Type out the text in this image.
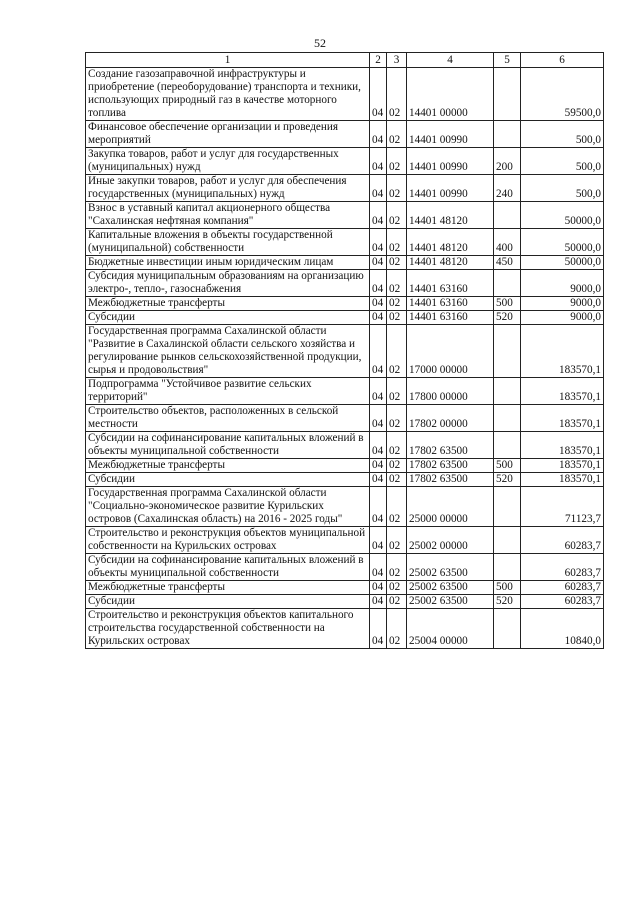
52
1	2	3	4	5	6
Создание газозаправочной инфраструктуры и приобретение (переоборудование) транспорта и техники, использующих природный газ в качестве моторного топлива	04	02	14401 00000		59500,0
Финансовое обеспечение организации и проведения мероприятий	04	02	14401 00990		500,0
Закупка товаров, работ и услуг для государственных (муниципальных) нужд	04	02	14401 00990	200	500,0
Иные закупки товаров, работ и услуг для обеспечения государственных (муниципальных) нужд	04	02	14401 00990	240	500,0
Взнос в уставный капитал акционерного общества "Сахалинская нефтяная компания"	04	02	14401 48120		50000,0
Капитальные вложения в объекты государственной (муниципальной) собственности	04	02	14401 48120	400	50000,0
Бюджетные инвестиции иным юридическим лицам	04	02	14401 48120	450	50000,0
Субсидия муниципальным образованиям на организацию электро-, тепло-, газоснабжения	04	02	14401 63160		9000,0
Межбюджетные трансферты	04	02	14401 63160	500	9000,0
Субсидии	04	02	14401 63160	520	9000,0
Государственная программа Сахалинской области "Развитие в Сахалинской области сельского хозяйства и регулирование рынков сельскохозяйственной продукции, сырья и продовольствия"	04	02	17000 00000		183570,1
Подпрограмма "Устойчивое развитие сельских территорий"	04	02	17800 00000		183570,1
Строительство объектов, расположенных в сельской местности	04	02	17802 00000		183570,1
Субсидии на софинансирование капитальных вложений в объекты муниципальной собственности	04	02	17802 63500		183570,1
Межбюджетные трансферты	04	02	17802 63500	500	183570,1
Субсидии	04	02	17802 63500	520	183570,1
Государственная программа Сахалинской области "Социально-экономическое развитие Курильских островов (Сахалинская область) на 2016 - 2025 годы"	04	02	25000 00000		71123,7
Строительство и реконструкция объектов муниципальной собственности на Курильских островах	04	02	25002 00000		60283,7
Субсидии на софинансирование капитальных вложений в объекты муниципальной собственности	04	02	25002 63500		60283,7
Межбюджетные трансферты	04	02	25002 63500	500	60283,7
Субсидии	04	02	25002 63500	520	60283,7
Строительство и реконструкция объектов капитального строительства государственной собственности на Курильских островах	04	02	25004 00000		10840,0
